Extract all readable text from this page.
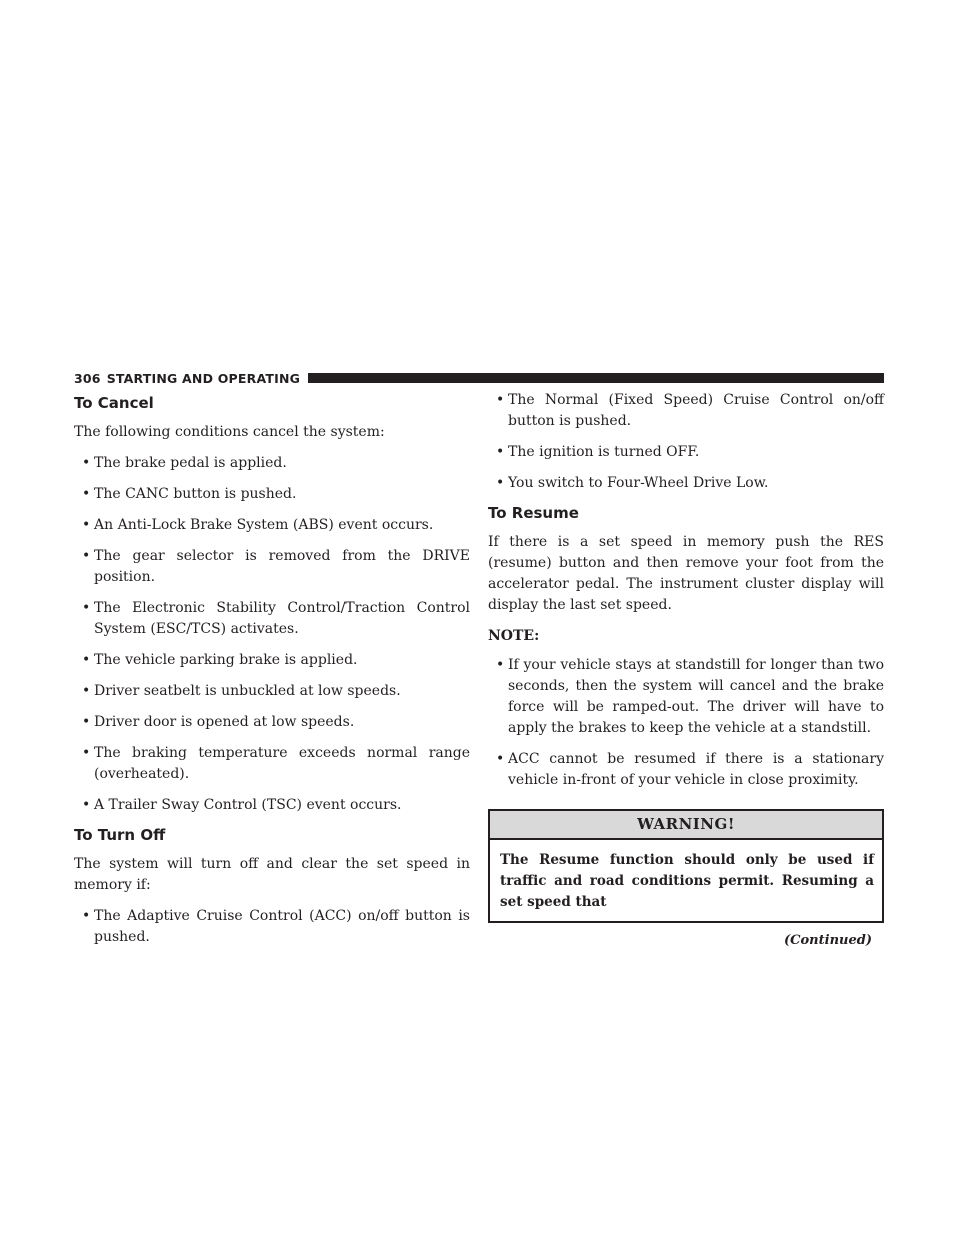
306 STARTING AND OPERATING
To Cancel

The following conditions cancel the system:

• The brake pedal is applied.
• The CANC button is pushed.
• An Anti-Lock Brake System (ABS) event occurs.
• The gear selector is removed from the DRIVE position.
• The Electronic Stability Control/Traction Control System (ESC/TCS) activates.
• The vehicle parking brake is applied.
• Driver seatbelt is unbuckled at low speeds.
• Driver door is opened at low speeds.
• The braking temperature exceeds normal range (overheated).
• A Trailer Sway Control (TSC) event occurs.
To Turn Off

The system will turn off and clear the set speed in memory if:

• The Adaptive Cruise Control (ACC) on/off button is pushed.
• The Normal (Fixed Speed) Cruise Control on/off button is pushed.
• The ignition is turned OFF.
• You switch to Four-Wheel Drive Low.
To Resume

If there is a set speed in memory push the RES (resume) button and then remove your foot from the accelerator pedal. The instrument cluster display will display the last set speed.

NOTE:

• If your vehicle stays at standstill for longer than two seconds, then the system will cancel and the brake force will be ramped-out. The driver will have to apply the brakes to keep the vehicle at a standstill.
• ACC cannot be resumed if there is a stationary vehicle in-front of your vehicle in close proximity.
WARNING!

The Resume function should only be used if traffic and road conditions permit. Resuming a set speed that

(Continued)
